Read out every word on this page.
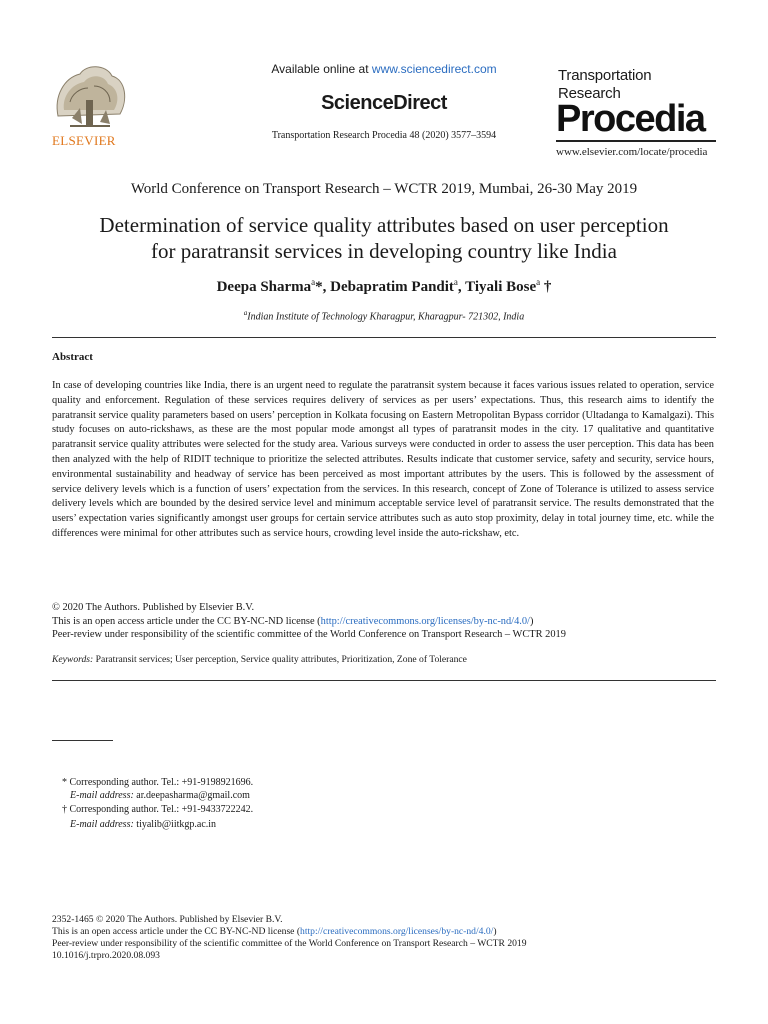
ELSEVIER
Available online at www.sciencedirect.com
ScienceDirect
Transportation Research Procedia 48 (2020) 3577–3594
Transportation
Research
Procedia
www.elsevier.com/locate/procedia
World Conference on Transport Research – WCTR 2019, Mumbai, 26-30 May 2019
Determination of service quality attributes based on user perception
for paratransit services in developing country like India
Deepa Sharma$^a$*, Debapratim Pandit$^a$, Tiyali Bose$^a$ †
$^a$Indian Institute of Technology Kharagpur, Kharagpur- 721302, India
Abstract
In case of developing countries like India, there is an urgent need to regulate the paratransit system because it faces various issues related to operation, service quality and enforcement. Regulation of these services requires delivery of services as per users’ expectations. Thus, this research aims to identify the paratransit service quality parameters based on users’ perception in Kolkata focusing on Eastern Metropolitan Bypass corridor (Ultadanga to Kamalgazi). This study focuses on auto-rickshaws, as these are the most popular mode amongst all types of paratransit modes in the city. 17 qualitative and quantitative paratransit service quality attributes were selected for the study area. Various surveys were conducted in order to assess the user perception. This data has been then analyzed with the help of RIDIT technique to prioritize the selected attributes. Results indicate that customer service, safety and security, service hours, environmental sustainability and headway of service has been perceived as most important attributes by the users. This is followed by the assessment of service delivery levels which is a function of users’ expectation from the services. In this research, concept of Zone of Tolerance is utilized to assess service delivery levels which are bounded by the desired service level and minimum acceptable service level of paratransit service. The results demonstrated that the users’ expectation varies significantly amongst user groups for certain service attributes such as auto stop proximity, delay in total journey time, etc. while the differences were minimal for other attributes such as service hours, crowding level inside the auto-rickshaw, etc.
© 2020 The Authors. Published by Elsevier B.V.
This is an open access article under the CC BY-NC-ND license (http://creativecommons.org/licenses/by-nc-nd/4.0/)
Peer-review under responsibility of the scientific committee of the World Conference on Transport Research – WCTR 2019
Keywords: Paratransit services; User perception, Service quality attributes, Prioritization, Zone of Tolerance
* Corresponding author. Tel.: +91-9198921696.
E-mail address: ar.deepasharma@gmail.com
† Corresponding author. Tel.: +91-9433722242.
E-mail address: tiyalib@iitkgp.ac.in
2352-1465 © 2020 The Authors. Published by Elsevier B.V.
This is an open access article under the CC BY-NC-ND license (http://creativecommons.org/licenses/by-nc-nd/4.0/)
Peer-review under responsibility of the scientific committee of the World Conference on Transport Research – WCTR 2019
10.1016/j.trpro.2020.08.093
